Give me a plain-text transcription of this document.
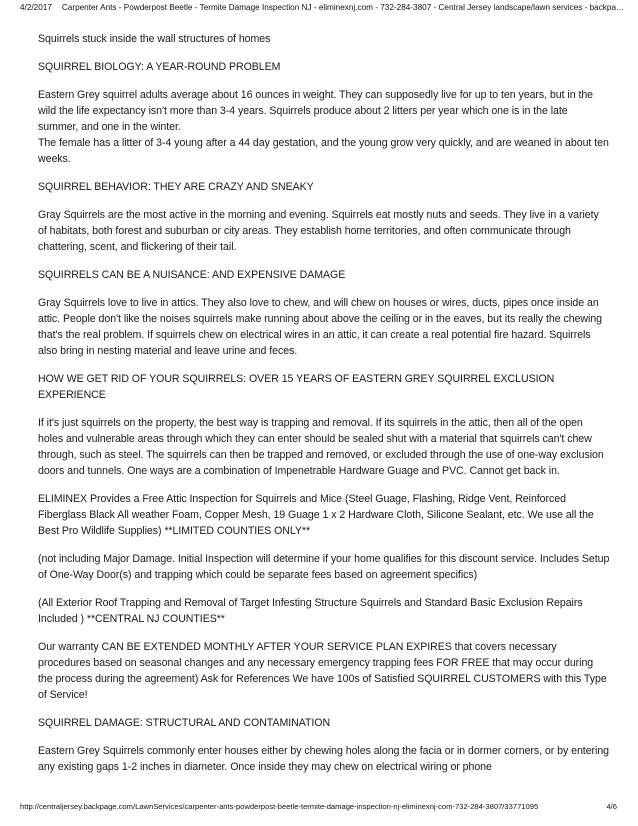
4/2/2017 Carpenter Ants - Powderpost Beetle - Termite Damage Inspection NJ - eliminexnj.com - 732-284-3807 - Central Jersey landscape/lawn services - backpa…

Squirrels stuck inside the wall structures of homes

SQUIRREL BIOLOGY: A YEAR-ROUND PROBLEM

Eastern Grey squirrel adults average about 16 ounces in weight. They can supposedly live for up to ten years, but in the wild the life expectancy isn't more than 3-4 years. Squirrels produce about 2 litters per year which one is in the late summer, and one in the winter.

The female has a litter of 3-4 young after a 44 day gestation, and the young grow very quickly, and are weaned in about ten weeks.

SQUIRREL BEHAVIOR: THEY ARE CRAZY AND SNEAKY

Gray Squirrels are the most active in the morning and evening. Squirrels eat mostly nuts and seeds. They live in a variety of habitats, both forest and suburban or city areas. They establish home territories, and often communicate through chattering, scent, and flickering of their tail.

SQUIRRELS CAN BE A NUISANCE: AND EXPENSIVE DAMAGE

Gray Squirrels love to live in attics. They also love to chew, and will chew on houses or wires, ducts, pipes once inside an attic. People don't like the noises squirrels make running about above the ceiling or in the eaves, but its really the chewing that's the real problem. If squirrels chew on electrical wires in an attic, it can create a real potential fire hazard. Squirrels also bring in nesting material and leave urine and feces.

HOW WE GET RID OF YOUR SQUIRRELS: OVER 15 YEARS OF EASTERN GREY SQUIRREL EXCLUSION EXPERIENCE

If it's just squirrels on the property, the best way is trapping and removal. If its squirrels in the attic, then all of the open holes and vulnerable areas through which they can enter should be sealed shut with a material that squirrels can't chew through, such as steel. The squirrels can then be trapped and removed, or excluded through the use of one-way exclusion doors and tunnels. One ways are a combination of Impenetrable Hardware Guage and PVC. Cannot get back in.

ELIMINEX Provides a Free Attic Inspection for Squirrels and Mice (Steel Guage, Flashing, Ridge Vent, Reinforced Fiberglass Black All weather Foam, Copper Mesh, 19 Guage 1 x 2 Hardware Cloth, Silicone Sealant, etc. We use all the Best Pro Wildlife Supplies) **LIMITED COUNTIES ONLY**

(not including Major Damage. Initial Inspection will determine if your home qualifies for this discount service. Includes Setup of One-Way Door(s) and trapping which could be separate fees based on agreement specifics)

(All Exterior Roof Trapping and Removal of Target Infesting Structure Squirrels and Standard Basic Exclusion Repairs Included ) **CENTRAL NJ COUNTIES**

Our warranty CAN BE EXTENDED MONTHLY AFTER YOUR SERVICE PLAN EXPIRES that covers necessary procedures based on seasonal changes and any necessary emergency trapping fees FOR FREE that may occur during the process during the agreement) Ask for References We have 100s of Satisfied SQUIRREL CUSTOMERS with this Type of Service!

SQUIRREL DAMAGE: STRUCTURAL AND CONTAMINATION

Eastern Grey Squirrels commonly enter houses either by chewing holes along the facia or in dormer corners, or by entering any existing gaps 1-2 inches in diameter. Once inside they may chew on electrical wiring or phone

http://centraljersey.backpage.com/LawnServices/carpenter-ants-powderpost-beetle-termite-damage-inspection-nj-eliminexnj-com-732-284-3807/33771095	4/6
